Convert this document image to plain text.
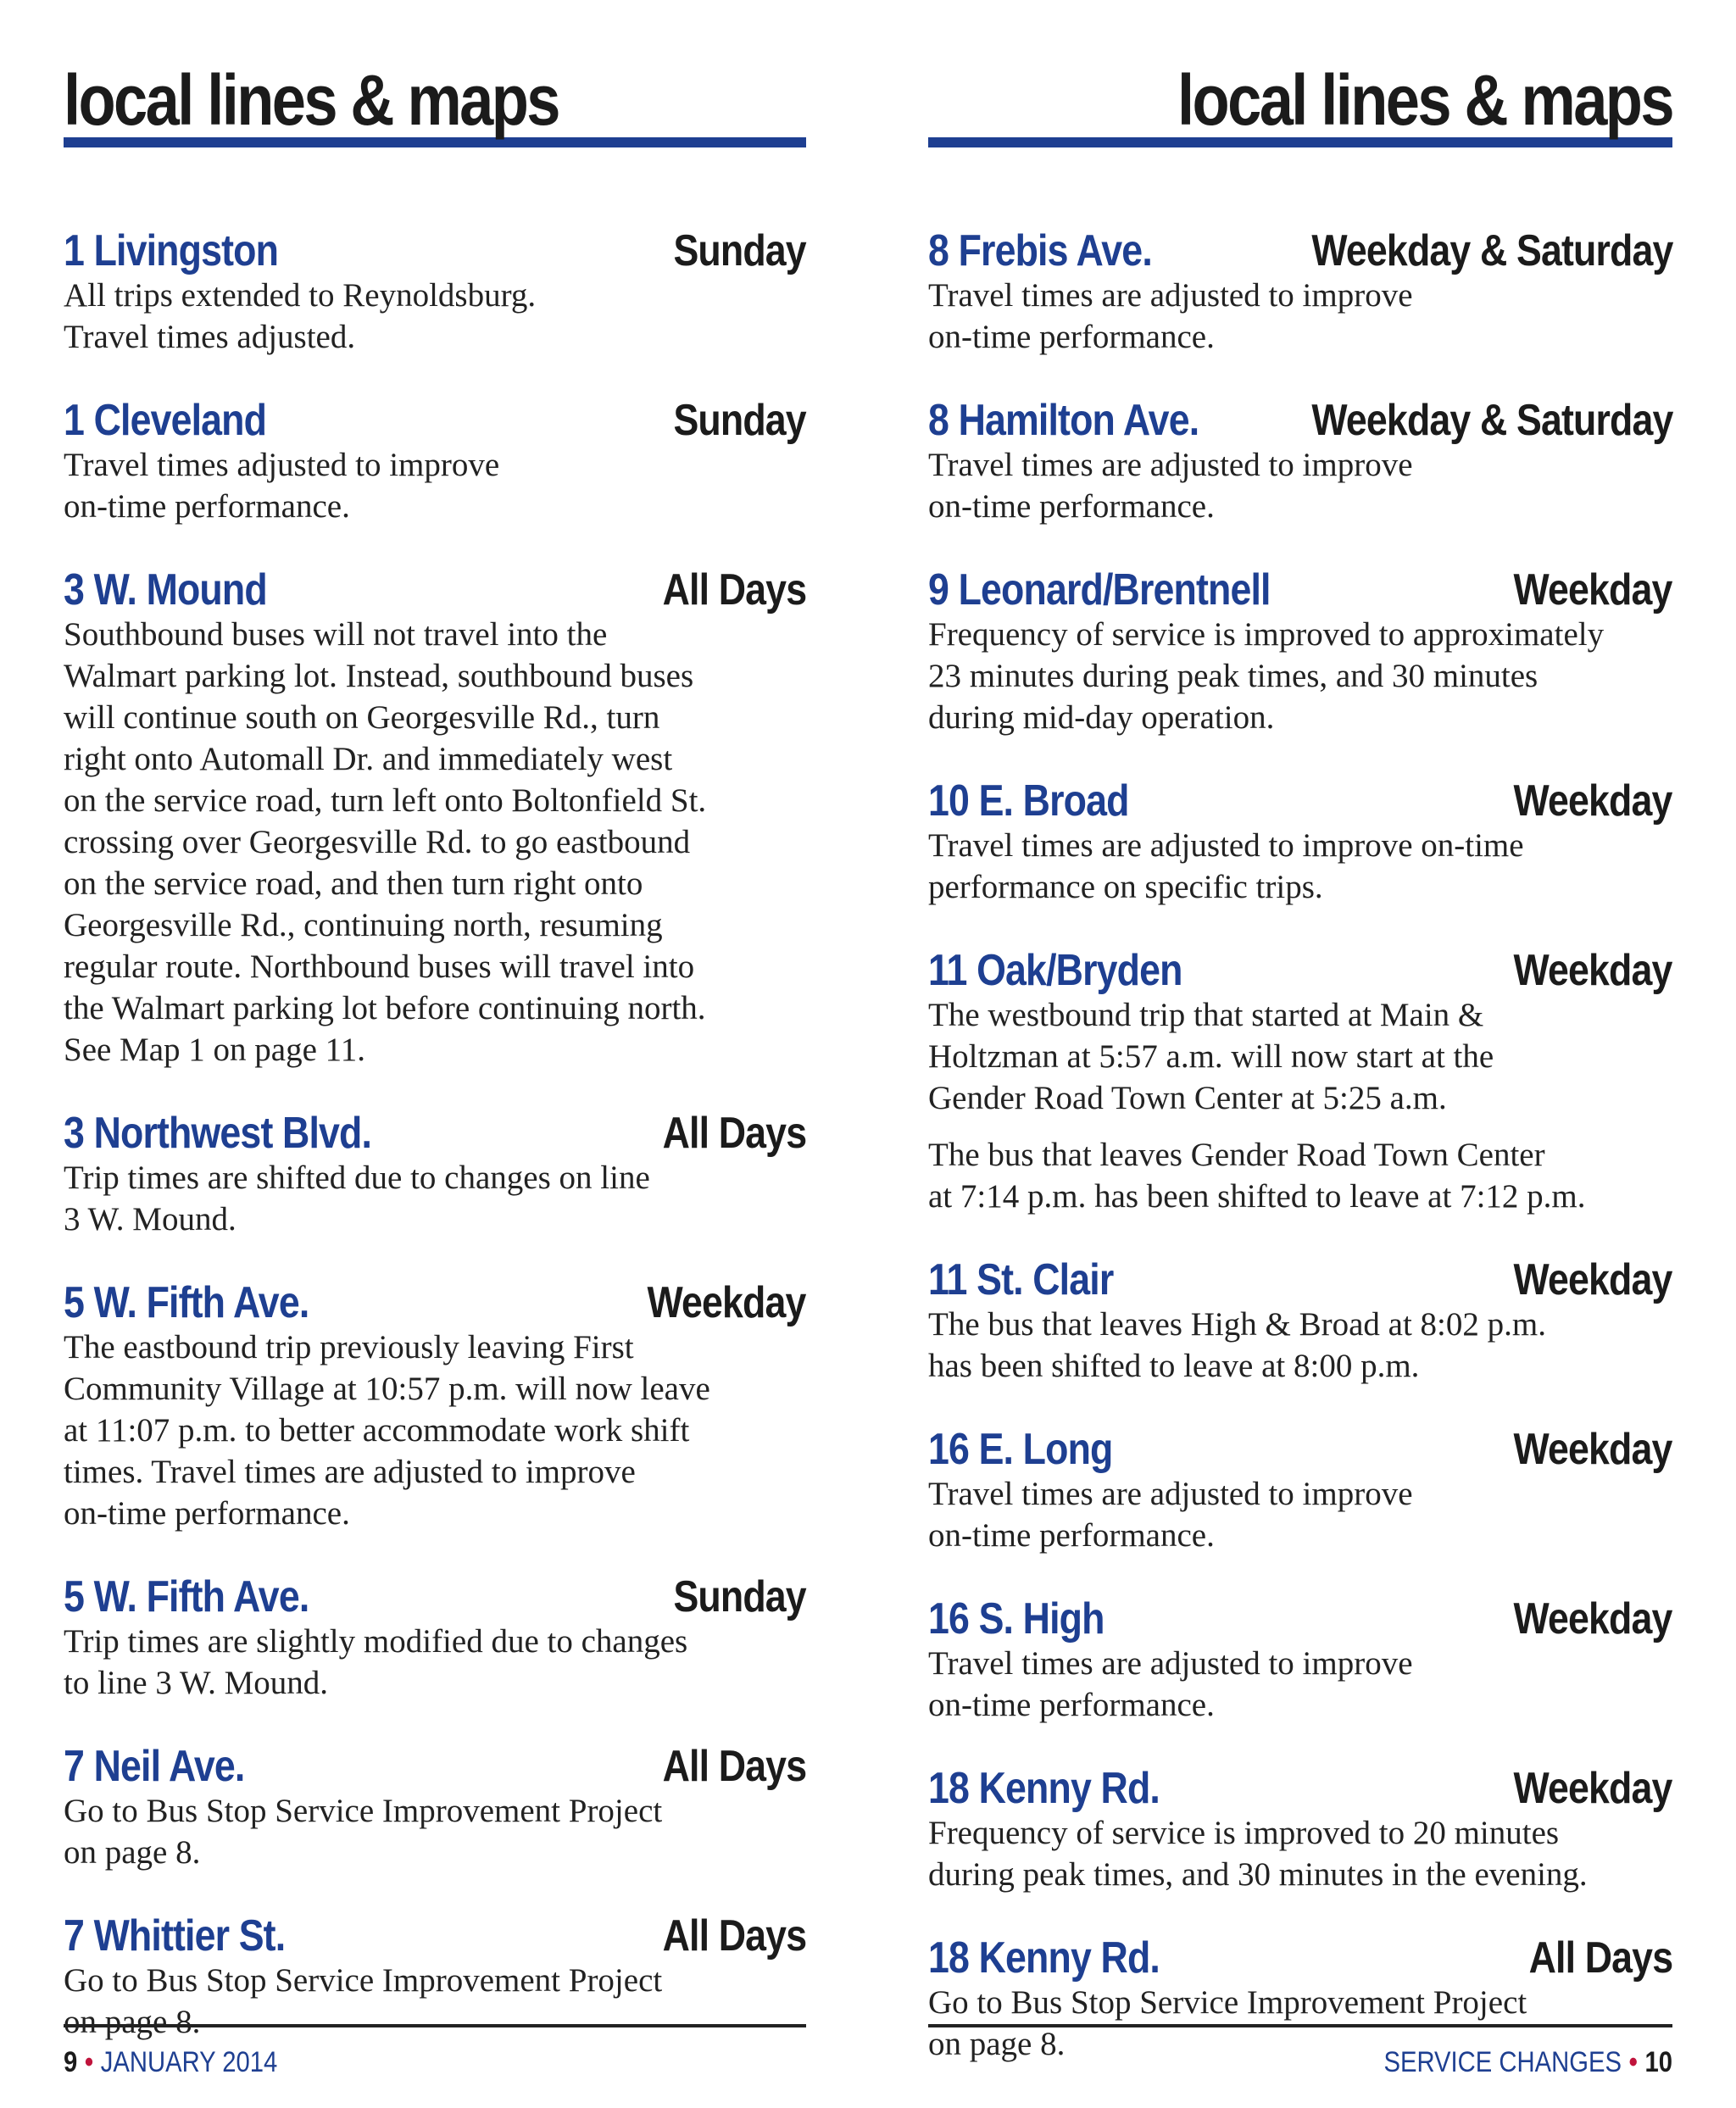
local lines & maps
1 Livingston	Sunday

All trips extended to Reynoldsburg.
Travel times adjusted.

1 Cleveland	Sunday

Travel times adjusted to improve
on-time performance.

3 W. Mound	All Days

Southbound buses will not travel into the
Walmart parking lot. Instead, southbound buses
will continue south on Georgesville Rd., turn
right onto Automall Dr. and immediately west
on the service road, turn left onto Boltonfield St.
crossing over Georgesville Rd. to go eastbound
on the service road, and then turn right onto
Georgesville Rd., continuing north, resuming
regular route. Northbound buses will travel into
the Walmart parking lot before continuing north.
See Map 1 on page 11.

3 Northwest Blvd.	All Days

Trip times are shifted due to changes on line
3 W. Mound.

5 W. Fifth Ave.	Weekday

The eastbound trip previously leaving First
Community Village at 10:57 p.m. will now leave
at 11:07 p.m. to better accommodate work shift
times. Travel times are adjusted to improve
on-time performance.

5 W. Fifth Ave.	Sunday

Trip times are slightly modified due to changes
to line 3 W. Mound.

7 Neil Ave.	All Days

Go to Bus Stop Service Improvement Project
on page 8.

7 Whittier St.	All Days

Go to Bus Stop Service Improvement Project
on page 8.

9 • JANUARY 2014
local lines & maps
8 Frebis Ave.	Weekday & Saturday

Travel times are adjusted to improve
on-time performance.

8 Hamilton Ave.	Weekday & Saturday

Travel times are adjusted to improve
on-time performance.

9 Leonard/Brentnell	Weekday

Frequency of service is improved to approximately
23 minutes during peak times, and 30 minutes
during mid-day operation.

10 E. Broad	Weekday

Travel times are adjusted to improve on-time
performance on specific trips.

11 Oak/Bryden	Weekday

The westbound trip that started at Main &
Holtzman at 5:57 a.m. will now start at the
Gender Road Town Center at 5:25 a.m.

The bus that leaves Gender Road Town Center
at 7:14 p.m. has been shifted to leave at 7:12 p.m.

11 St. Clair	Weekday

The bus that leaves High & Broad at 8:02 p.m.
has been shifted to leave at 8:00 p.m.

16 E. Long	Weekday

Travel times are adjusted to improve
on-time performance.

16 S. High	Weekday

Travel times are adjusted to improve
on-time performance.

18 Kenny Rd.	Weekday

Frequency of service is improved to 20 minutes
during peak times, and 30 minutes in the evening.

18 Kenny Rd.	All Days

Go to Bus Stop Service Improvement Project
on page 8.	SERVICE CHANGES • 10
